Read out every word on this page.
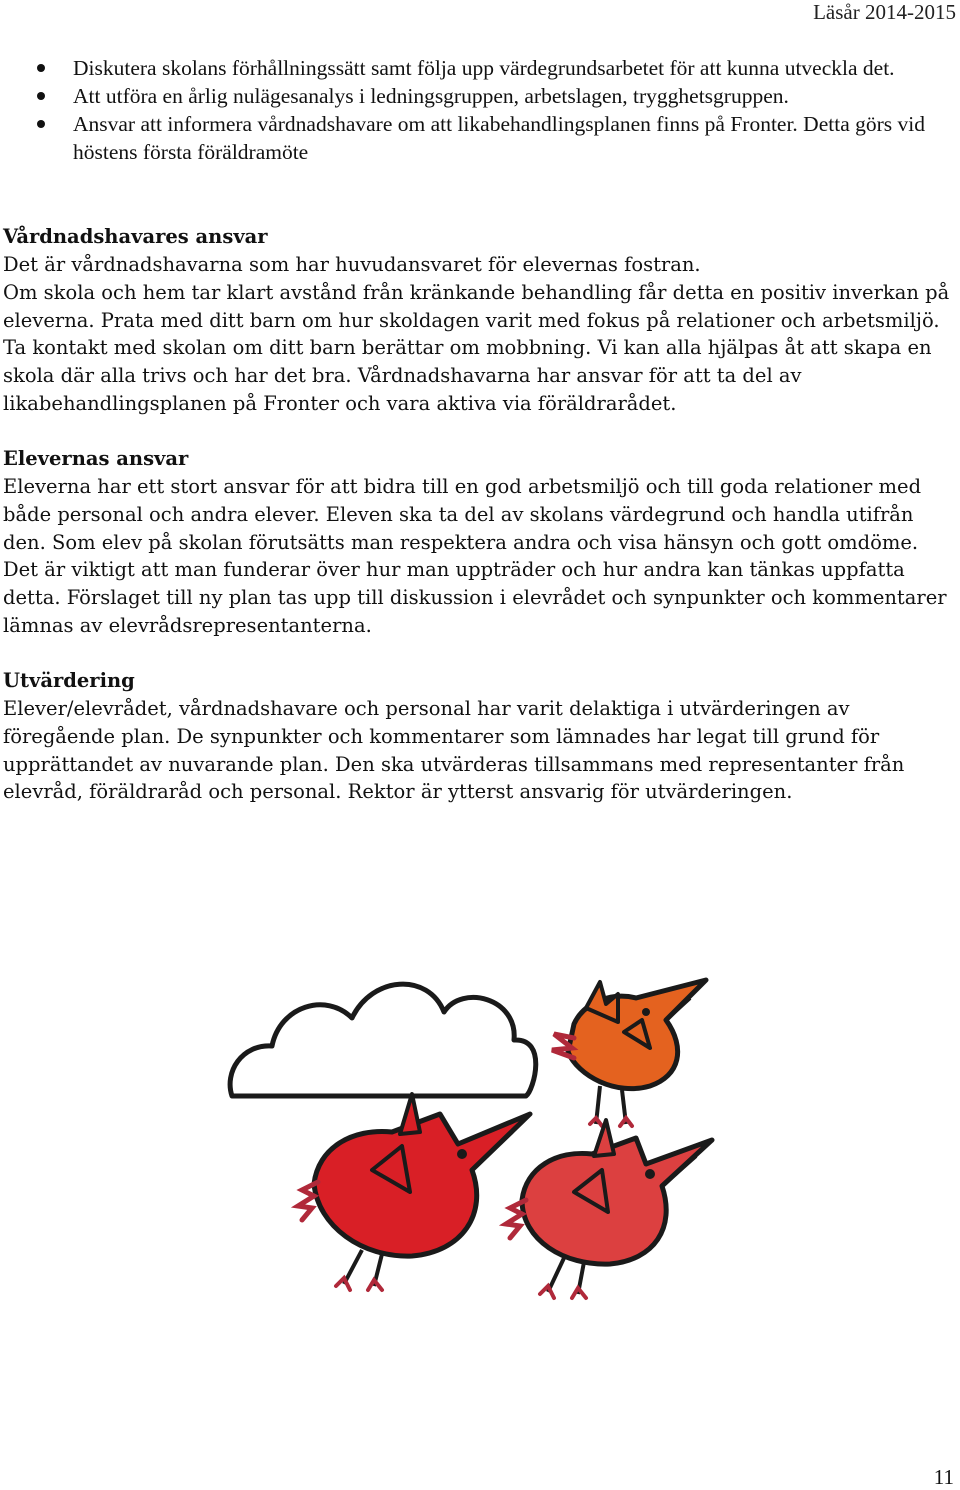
Läsår 2014-2015
Diskutera skolans förhållningssätt samt följa upp värdegrundsarbetet för att kunna utveckla det.
Att utföra en årlig nulägesanalys i ledningsgruppen, arbetslagen, trygghetsgruppen.
Ansvar att informera vårdnadshavare om att likabehandlingsplanen finns på Fronter. Detta görs vid höstens första föräldramöte
Vårdnadshavares ansvar

Det är vårdnadshavarna som har huvudansvaret för elevernas fostran.

Om skola och hem tar klart avstånd från kränkande behandling får detta en positiv inverkan på eleverna. Prata med ditt barn om hur skoldagen varit med fokus på relationer och arbetsmiljö. Ta kontakt med skolan om ditt barn berättar om mobbning. Vi kan alla hjälpas åt att skapa en skola där alla trivs och har det bra. Vårdnadshavarna har ansvar för att ta del av likabehandlingsplanen på Fronter och vara aktiva via föräldrarådet.

Elevernas ansvar

Eleverna har ett stort ansvar för att bidra till en god arbetsmiljö och till goda relationer med både personal och andra elever. Eleven ska ta del av skolans värdegrund och handla utifrån den. Som elev på skolan förutsätts man respektera andra och visa hänsyn och gott omdöme. Det är viktigt att man funderar över hur man uppträder och hur andra kan tänkas uppfatta detta. Förslaget till ny plan tas upp till diskussion i elevrådet och synpunkter och kommentarer lämnas av elevrådsrepresentanterna.

Utvärdering

Elever/elevrådet, vårdnadshavare och personal har varit delaktiga i utvärderingen av föregående plan. De synpunkter och kommentarer som lämnades har legat till grund för upprättandet av nuvarande plan. Den ska utvärderas tillsammans med representanter från elevråd, föräldraråd och personal. Rektor är ytterst ansvarig för utvärderingen.

11
